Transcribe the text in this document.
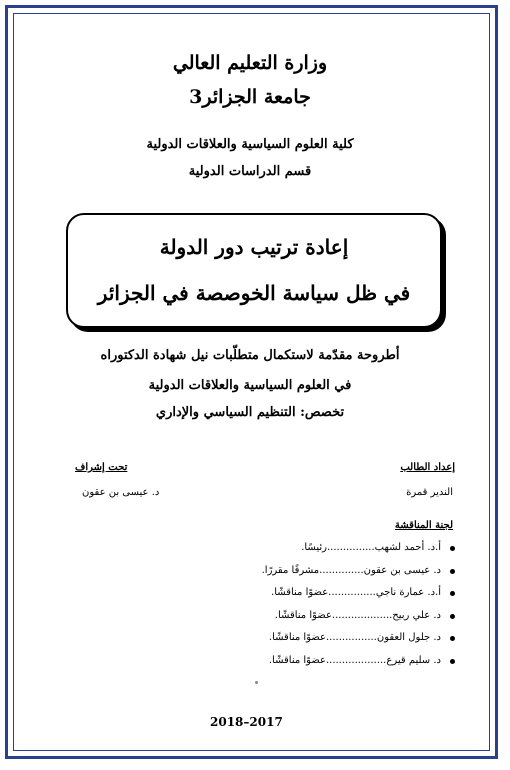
وزارة التعليم العالي
جامعة الجزائر3
كلية العلوم السياسية والعلاقات الدولية
قسم الدراسات الدولية
إعادة ترتيب دور الدولة
في ظل سياسة الخوصصة في الجزائر
أطروحة مقدّمة لاستكمال متطلّبات نيل شهادة الدكتوراه
في العلوم السياسية والعلاقات الدولية
تخصص: التنظيم السياسي والإداري
إعداد الطالب
الندير قمرة
تحت إشراف
د. عيسى بن عقون
لجنة المناقشة
أ.د. أحمد لشهب...............رئيسًا.
د. عيسى بن عقون..............مشرفًا مقررًا.
أ.د. عمارة ناجي...............عضوًا مناقشًا.
د. علي ربيح...................عضوًا مناقشًا.
د. جلول العقون................عضوًا مناقشًا.
د. سليم قيرع...................عضوًا مناقشًا.
2018–2017
